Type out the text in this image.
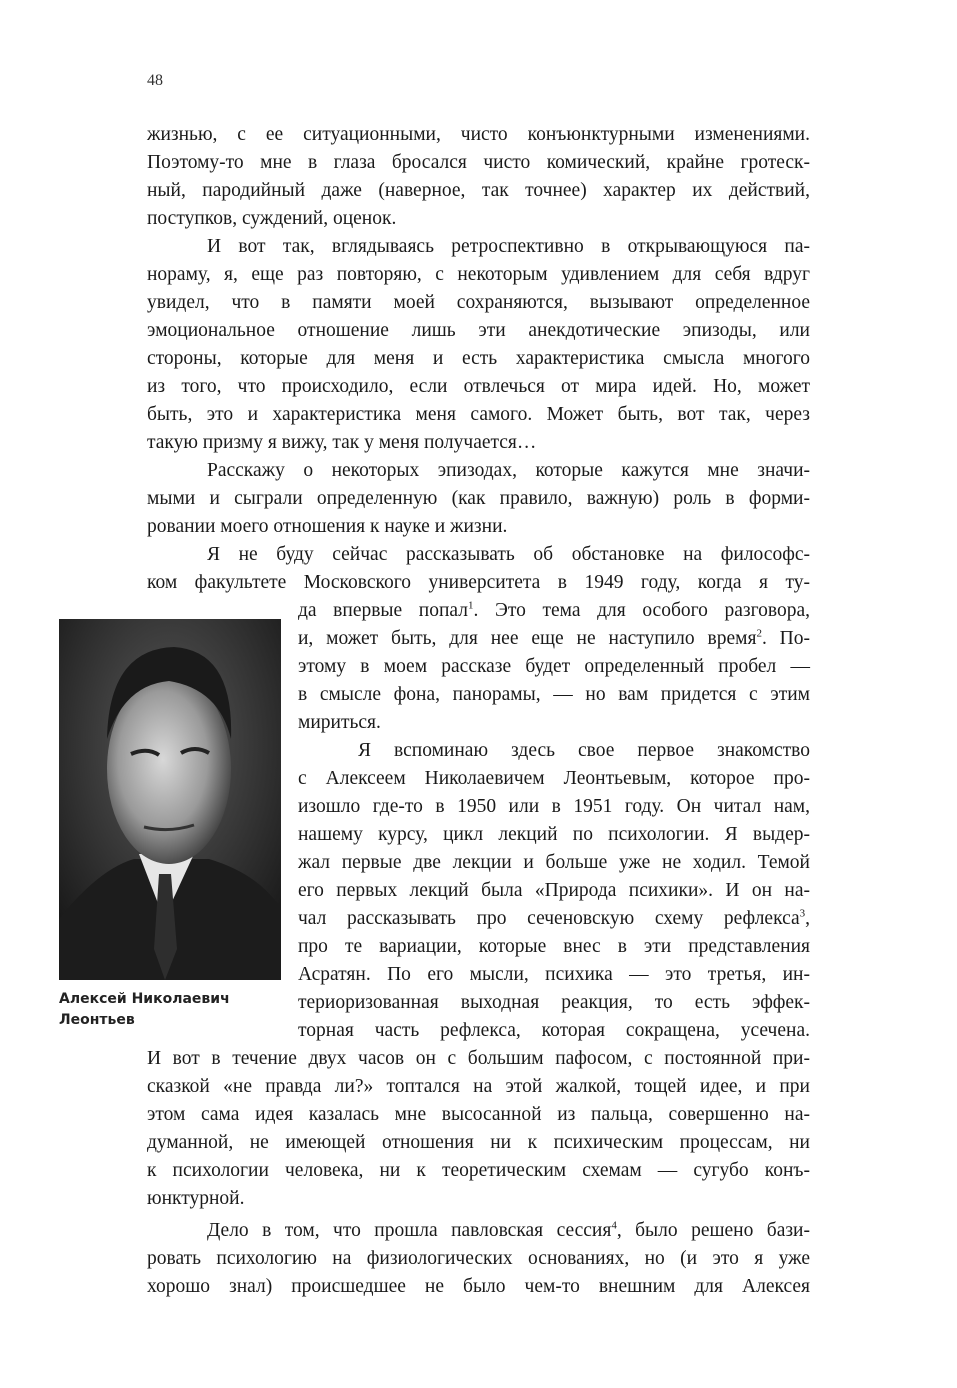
48
жизнью, с ее ситуационными, чисто конъюнктурными изменениями.
Поэтому-то мне в глаза бросался чисто комический, крайне гротеск-
ный, пародийный даже (наверное, так точнее) характер их действий,
поступков, суждений, оценок.
И вот так, вглядываясь ретроспективно в открывающуюся па-
нораму, я, еще раз повторяю, с некоторым удивлением для себя вдруг
увидел, что в памяти моей сохраняются, вызывают определенное
эмоциональное отношение лишь эти анекдотические эпизоды, или
стороны, которые для меня и есть характеристика смысла многого
из того, что происходило, если отвлечься от мира идей. Но, может
быть, это и характеристика меня самого. Может быть, вот так, через
такую призму я вижу, так у меня получается…
Расскажу о некоторых эпизодах, которые кажутся мне значи-
мыми и сыграли определенную (как правило, важную) роль в форми-
ровании моего отношения к науке и жизни.
Я не буду сейчас рассказывать об обстановке на философс-
ком факультете Московского университета в 1949 году, когда я ту-
да впервые попал$^1$. Это тема для особого разговора,
и, может быть, для нее еще не наступило время$^2$. По-
этому в моем рассказе будет определенный пробел —
в смысле фона, панорамы, — но вам придется с этим
мириться.
Я вспоминаю здесь свое первое знакомство
с Алексеем Николаевичем Леонтьевым, которое про-
изошло где-то в 1950 или в 1951 году. Он читал нам,
нашему курсу, цикл лекций по психологии. Я выдер-
жал первые две лекции и больше уже не ходил. Темой
его первых лекций была «Природа психики». И он на-
чал рассказывать про сеченовскую схему рефлекса$^3$,
про те вариации, которые внес в эти представления
Асратян. По его мысли, психика — это третья, ин-
териоризованная выходная реакция, то есть эффек-
торная часть рефлекса, которая сокращена, усечена.
И вот в течение двух часов он с большим пафосом, с постоянной при-
сказкой «не правда ли?» топтался на этой жалкой, тощей идее, и при
этом сама идея казалась мне высосанной из пальца, совершенно на-
думанной, не имеющей отношения ни к психическим процессам, ни
к психологии человека, ни к теоретическим схемам — сугубо конъ-
юнктурной.
Дело в том, что прошла павловская сессия$^4$, было решено бази-
ровать психологию на физиологических основаниях, но (и это я уже
хорошо знал) происшедшее не было чем-то внешним для Алексея
Алексей Николаевич
Леонтьев
